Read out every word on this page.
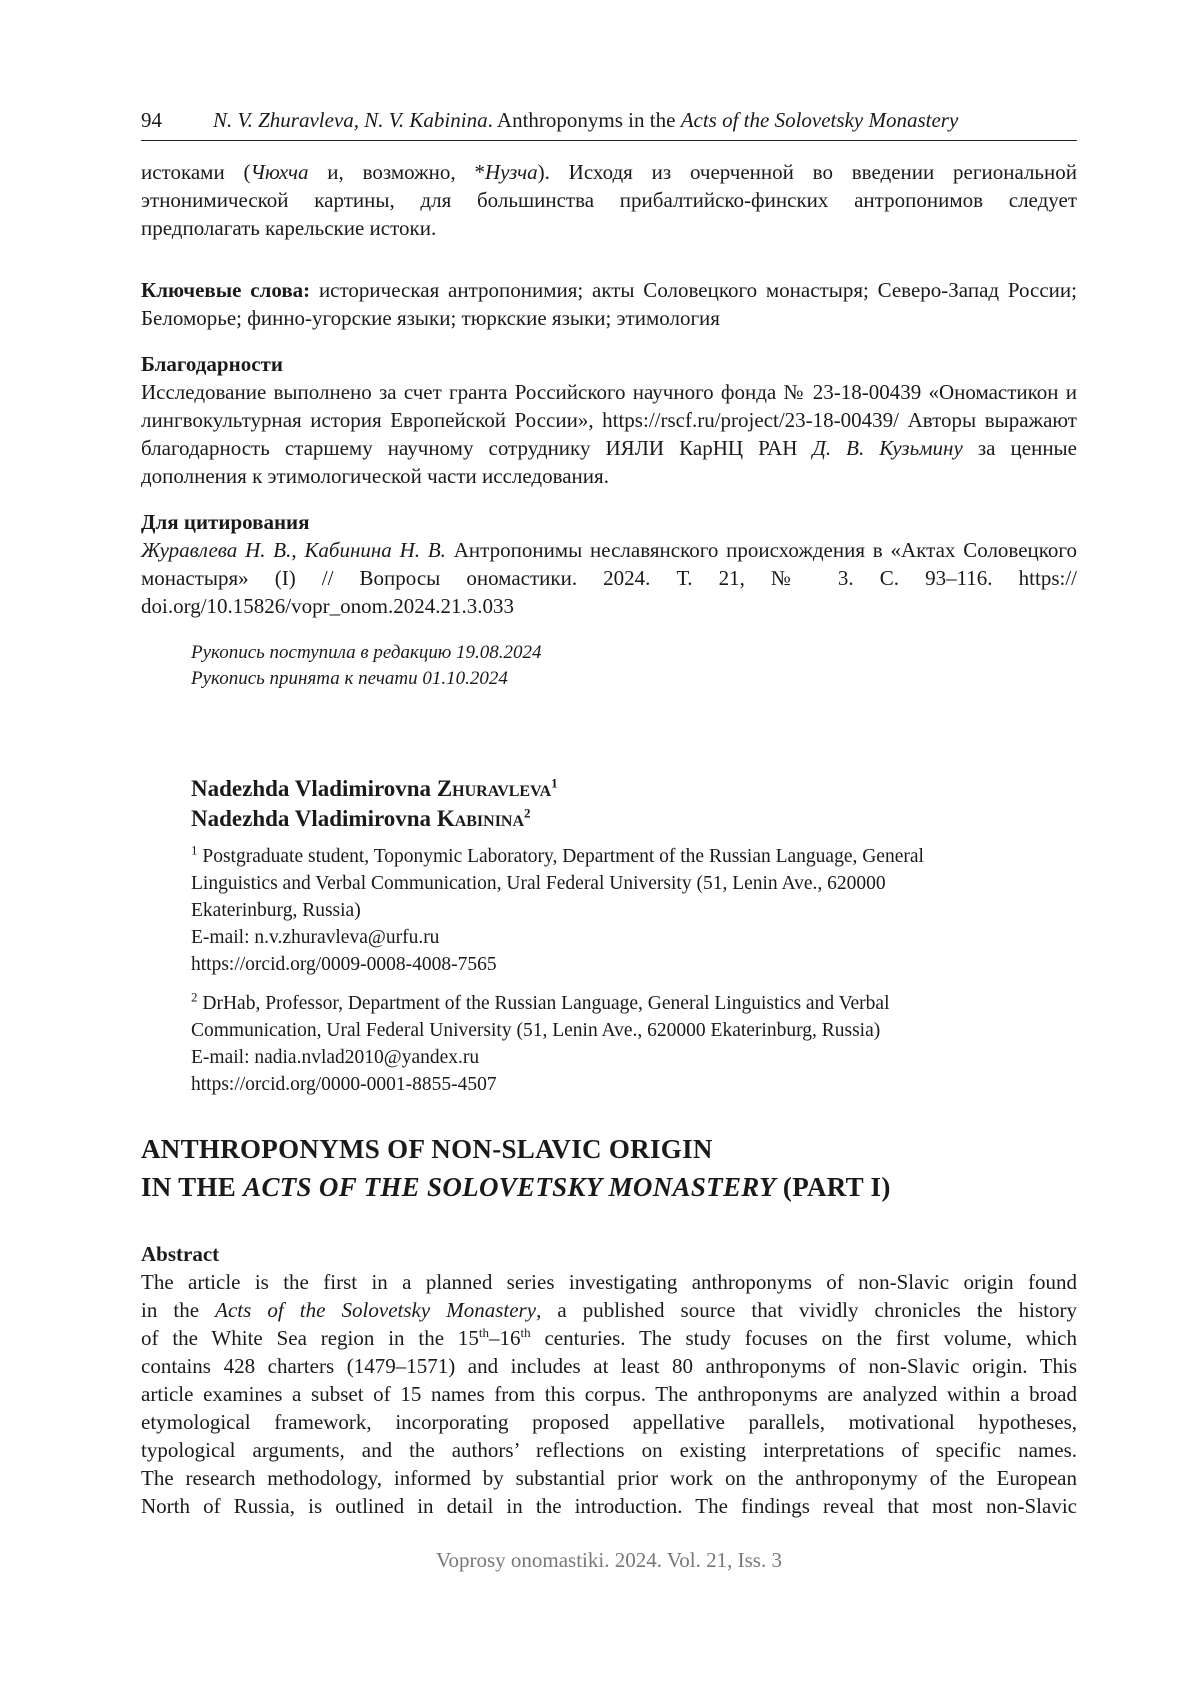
94 N. V. Zhuravleva, N. V. Kabinina. Anthroponyms in the Acts of the Solovetsky Monastery

истоками (Чюхча и, возможно, *Нузча). Исходя из очерченной во введении региональной этнонимической картины, для большинства прибалтийско-финских антропонимов следует предполагать карельские истоки.

Ключевые слова: историческая антропонимия; акты Соловецкого монастыря; Северо-Запад России; Беломорье; финно-угорские языки; тюркские языки; этимология

Благодарности

Исследование выполнено за счет гранта Российского научного фонда № 23-18-00439 «Ономастикон и лингвокультурная история Европейской России», https://rscf.ru/project/23-18-00439/ Авторы выражают благодарность старшему научному сотруднику ИЯЛИ КарНЦ РАН Д. В. Кузьмину за ценные дополнения к этимологической части исследования.

Для цитирования

Журавлева Н. В., Кабинина Н. В. Антропонимы неславянского происхождения в «Актах Соловецкого монастыря» (I) // Вопросы ономастики. 2024. Т. 21, № 3. С. 93–116. https:// doi.org/10.15826/vopr_onom.2024.21.3.033

Рукопись поступила в редакцию 19.08.2024
Рукопись принята к печати 01.10.2024
Nadezhda Vladimirovna Zhuravleva$^1$
Nadezhda Vladimirovna Kabinina$^2$
$^1$ Postgraduate student, Toponymic Laboratory, Department of the Russian Language, General
Linguistics and Verbal Communication, Ural Federal University (51, Lenin Ave., 620000
Ekaterinburg, Russia)
E-mail: n.v.zhuravleva@urfu.ru
https://orcid.org/0009-0008-4008-7565
$^2$ DrHab, Professor, Department of the Russian Language, General Linguistics and Verbal
Communication, Ural Federal University (51, Lenin Ave., 620000 Ekaterinburg, Russia)
E-mail: nadia.nvlad2010@yandex.ru
https://orcid.org/0000-0001-8855-4507
ANTHROPONYMS OF NON-SLAVIC ORIGIN
IN THE ACTS OF THE SOLOVETSKY MONASTERY (PART I)
Abstract
The article is the first in a planned series investigating anthroponyms of non-Slavic origin found
in the Acts of the Solovetsky Monastery, a published source that vividly chronicles the history
of the White Sea region in the 15th–16th centuries. The study focuses on the first volume, which
contains 428 charters (1479–1571) and includes at least 80 anthroponyms of non-Slavic origin. This
article examines a subset of 15 names from this corpus. The anthroponyms are analyzed within a broad
etymological framework, incorporating proposed appellative parallels, motivational hypotheses,
typological arguments, and the authors’ reflections on existing interpretations of specific names.
The research methodology, informed by substantial prior work on the anthroponymy of the European
North of Russia, is outlined in detail in the introduction. The findings reveal that most non-Slavic
Voprosy onomastiki. 2024. Vol. 21, Iss. 3
